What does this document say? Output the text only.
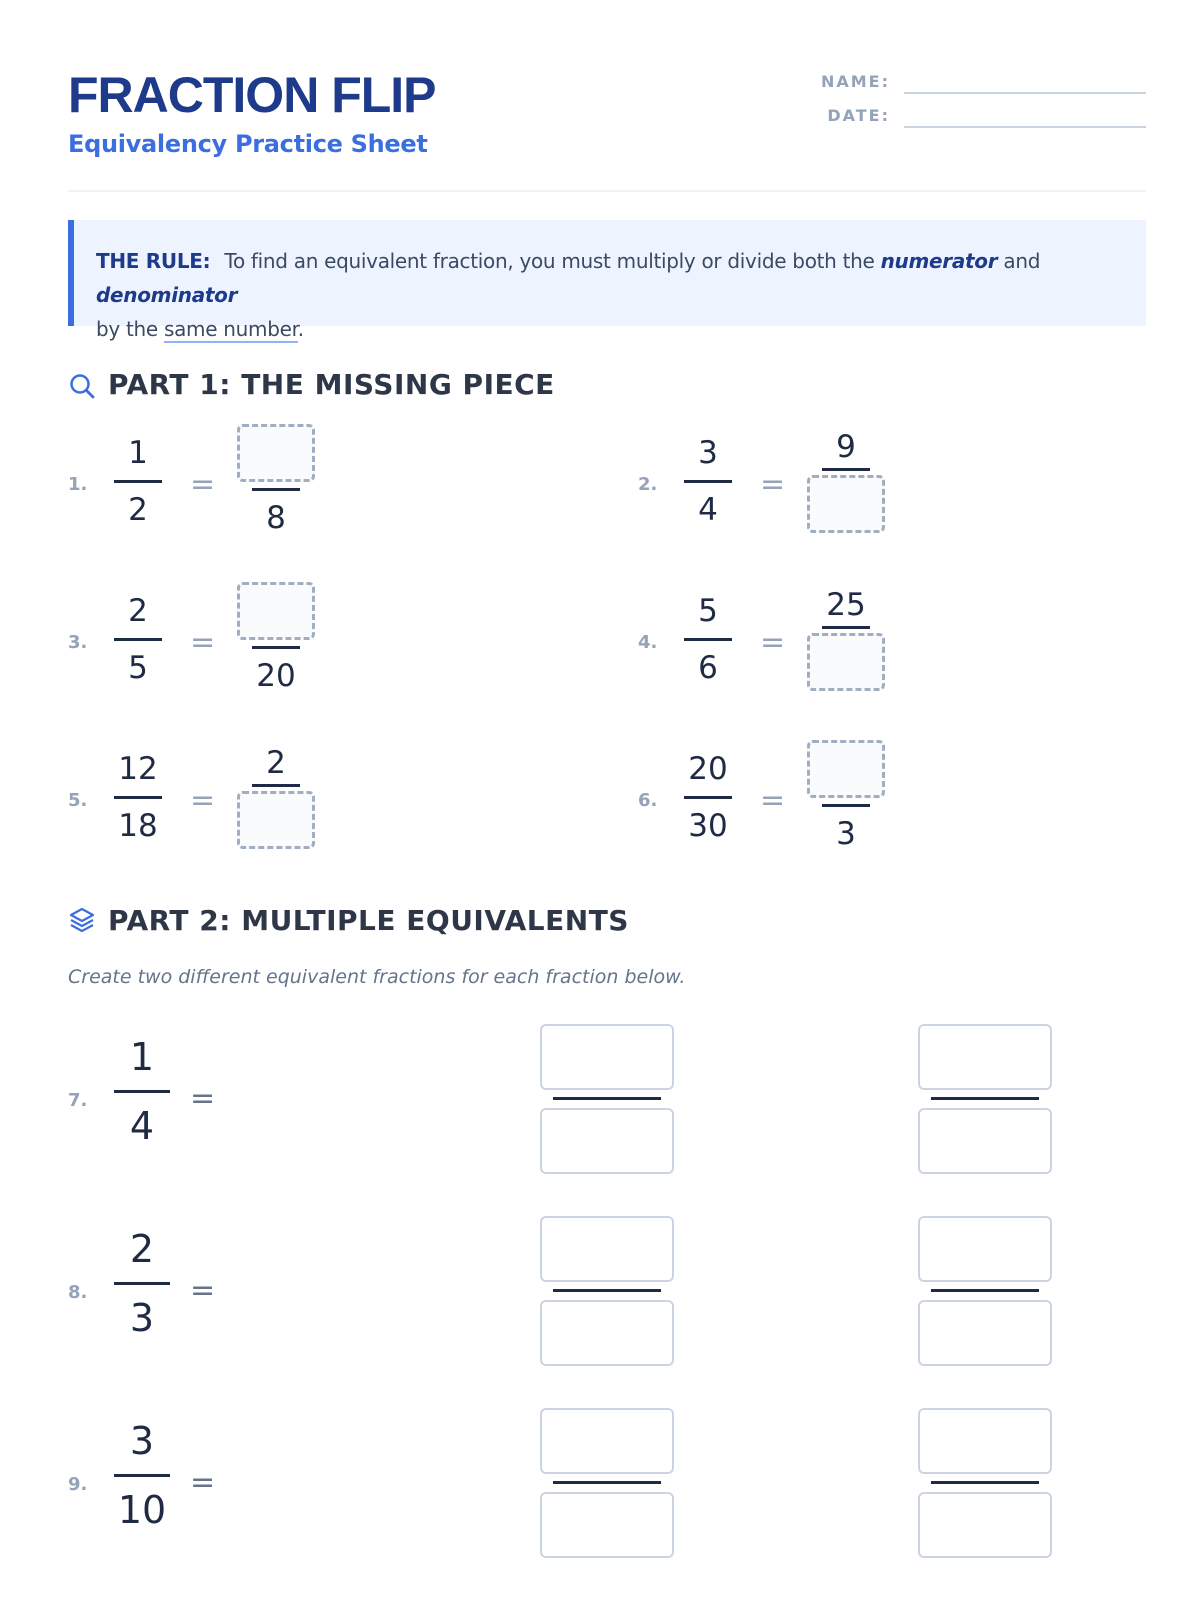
FRACTION FLIP
Equivalency Practice Sheet
NAME:
DATE:
THE RULE: To find an equivalent fraction, you must multiply or divide both the numerator and denominator
by the same number.
PART 1: THE MISSING PIECE
1.
1
2
=
8
2.
3
4
=
9
3.
2
5
=
20
4.
5
6
=
25
5.
12
18
=
2
6.
20
30
=
3
PART 2: MULTIPLE EQUIVALENTS
Create two different equivalent fractions for each fraction below.
7.
1
4
=
8.
2
3
=
9.
3
10
=
